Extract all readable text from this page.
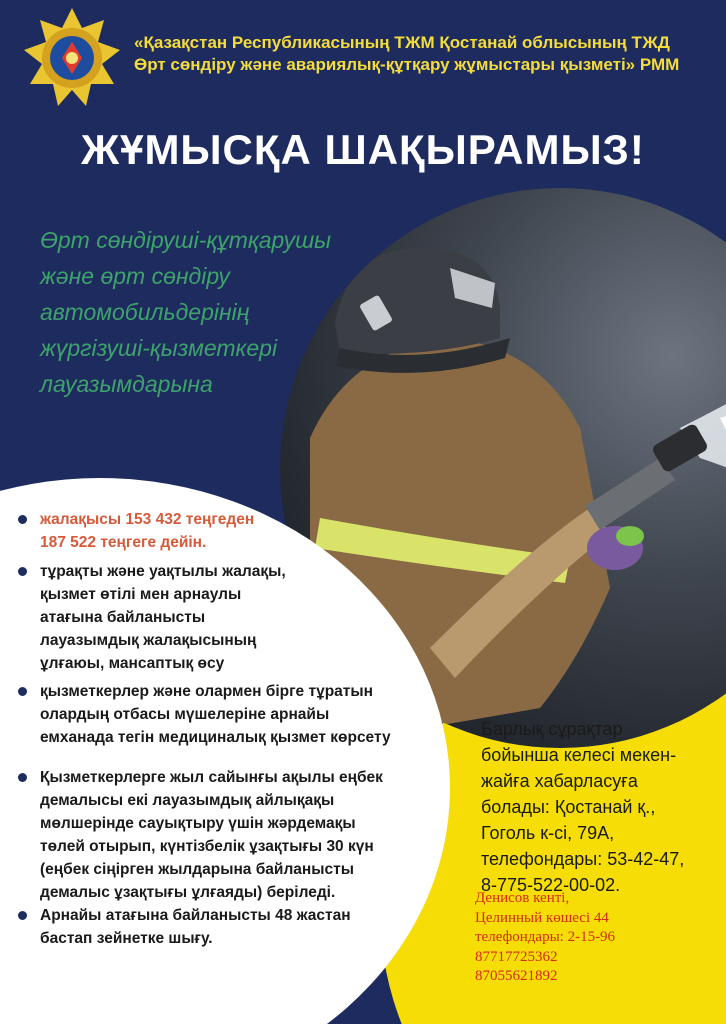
«Қазақстан Республикасының ТЖМ Қостанай облысының ТЖД
Өрт сөндіру және авариялық-құтқару жұмыстары қызметі» РММ
ЖҰМЫСҚА ШАҚЫРАМЫЗ!
Өрт сөндіруші-құтқарушы
және өрт сөндіру
автомобильдерінің
жүргізуші-қызметкері
лауазымдарына
жалақысы 153 432 теңгеден
187 522 теңгеге дейін.
тұрақты және уақтылы жалақы,
қызмет өтілі мен арнаулы
атағына байланысты
лауазымдық жалақысының
ұлғаюы, мансаптық өсу
қызметкерлер және олармен бірге тұратын
олардың отбасы мүшелеріне арнайы
емханада тегін медициналық қызмет көрсету
Қызметкерлерге жыл сайынғы ақылы еңбек
демалысы екі лауазымдық айлықақы
мөлшерінде сауықтыру үшін жәрдемақы
төлей отырып, күнтізбелік ұзақтығы 30 күн
(еңбек сіңірген жылдарына байланысты
демалыс ұзақтығы ұлғаяды) беріледі.
Арнайы атағына байланысты 48 жастан
бастап зейнетке шығу.
Барлық сұрақтар
бойынша келесі мекен-
жайға хабарласуға
болады: Қостанай қ.,
Гоголь к-сі, 79А,
телефондары: 53-42-47,
8-775-522-00-02.
Денисов кенті,
Целинный көшесі 44
телефондары: 2-15-96
87717725362
87055621892
